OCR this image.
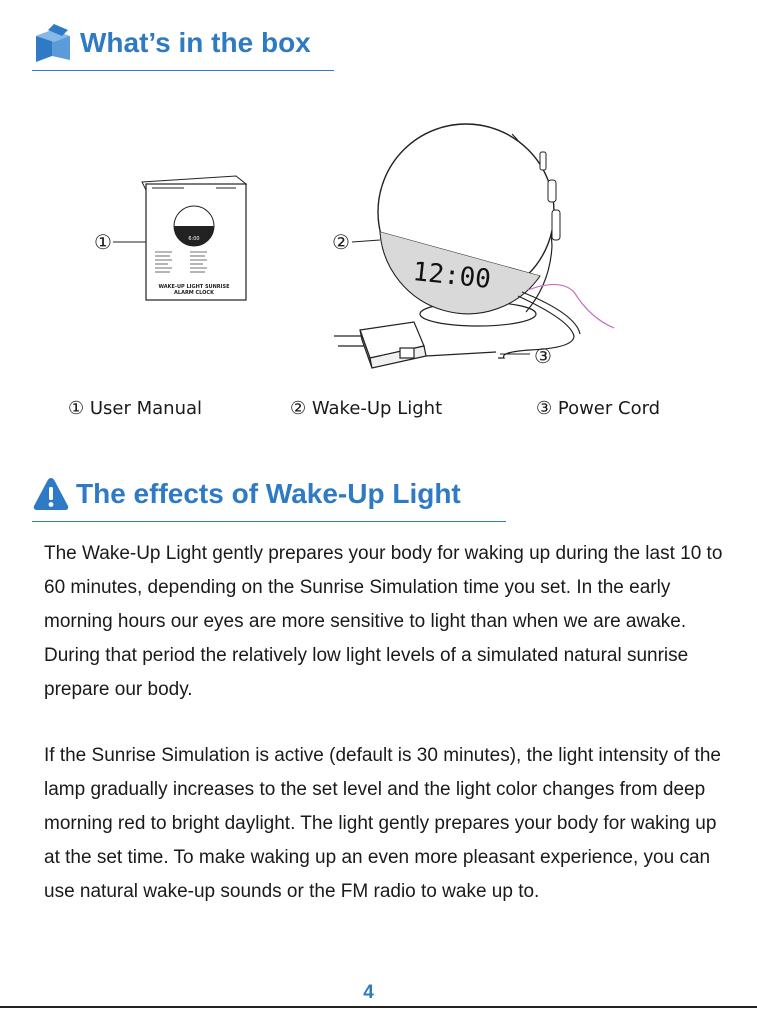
What’s in the box
6:00
WAKE-UP LIGHT SUNRISE
ALARM CLOCK	12:00
①	②
③
① User Manual	② Wake-Up Light	③ Power Cord
The effects of Wake-Up Light

The Wake-Up Light gently prepares your body for waking up during the last 10 to 60 minutes, depending on the Sunrise Simulation time you set. In the early morning hours our eyes are more sensitive to light than when we are awake. During that period the relatively low light levels of a simulated natural sunrise prepare our body.

If the Sunrise Simulation is active (default is 30 minutes), the light intensity of the lamp gradually increases to the set level and the light color changes from deep morning red to bright daylight. The light gently prepares your body for waking up at the set time. To make waking up an even more pleasant experience, you can use natural wake-up sounds or the FM radio to wake up to.

4
